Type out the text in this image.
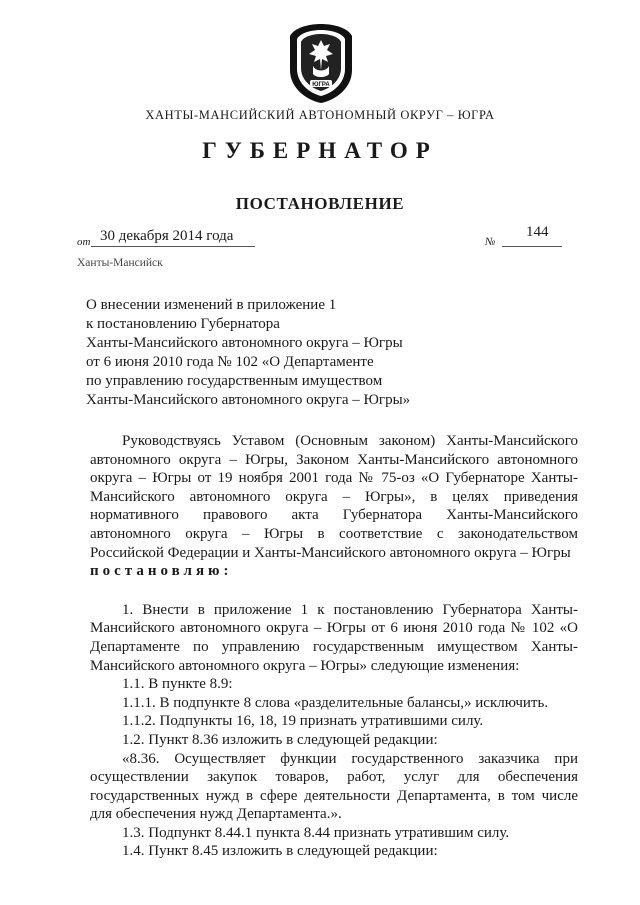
ЮГРА
ХАНТЫ-МАНСИЙСКИЙ АВТОНОМНЫЙ ОКРУГ – ЮГРА
ГУБЕРНАТОР
ПОСТАНОВЛЕНИЕ
от 30 декабря 2014 года	№
144
Ханты-Мансийск
О внесении изменений в приложение 1
к постановлению Губернатора
Ханты-Мансийского автономного округа – Югры
от 6 июня 2010 года № 102 «О Департаменте
по управлению государственным имуществом
Ханты-Мансийского автономного округа – Югры»

Руководствуясь Уставом (Основным законом) Ханты-Мансийского автономного округа – Югры, Законом Ханты-Мансийского автономного округа – Югры от 19 ноября 2001 года № 75-оз «О Губернаторе Ханты-Мансийского автономного округа – Югры», в целях приведения нормативного правового акта Губернатора Ханты-Мансийского автономного округа – Югры в соответствие с законодательством Российской Федерации и Ханты-Мансийского автономного округа – Югры

постановляю:

1. Внести в приложение 1 к постановлению Губернатора Ханты-Мансийского автономного округа – Югры от 6 июня 2010 года № 102 «О Департаменте по управлению государственным имуществом Ханты-Мансийского автономного округа – Югры» следующие изменения:

1.1. В пункте 8.9:

1.1.1. В подпункте 8 слова «разделительные балансы,» исключить.

1.1.2. Подпункты 16, 18, 19 признать утратившими силу.

1.2. Пункт 8.36 изложить в следующей редакции:

«8.36. Осуществляет функции государственного заказчика при осуществлении закупок товаров, работ, услуг для обеспечения государственных нужд в сфере деятельности Департамента, в том числе для обеспечения нужд Департамента.».

1.3. Подпункт 8.44.1 пункта 8.44 признать утратившим силу.

1.4. Пункт 8.45 изложить в следующей редакции:
